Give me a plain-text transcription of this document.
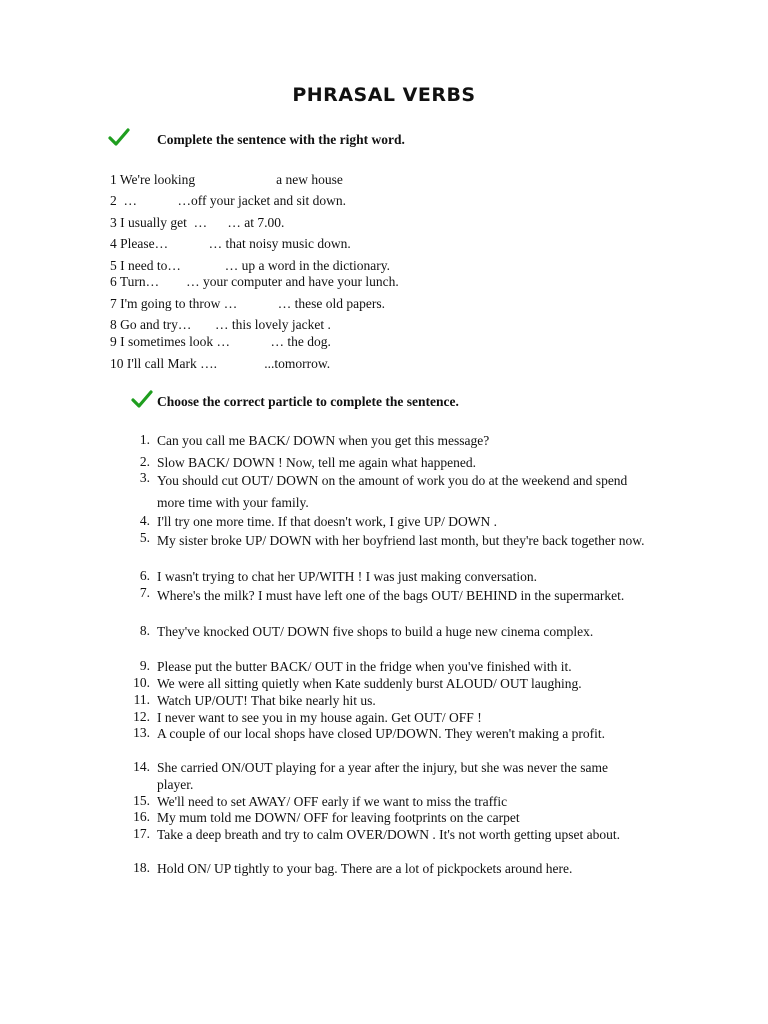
PHRASAL VERBS
Complete the sentence with the right word.
1 We're looking                        a new house
2  …            …off your jacket and sit down.
3 I usually get  …      … at 7.00.
4 Please…            … that noisy music down.
5 I need to…             … up a word in the dictionary.
6 Turn…        … your computer and have your lunch.
7 I'm going to throw …            … these old papers.
8 Go and try…       … this lovely jacket .
9 I sometimes look …            … the dog.
10 I'll call Mark ….              ...tomorrow.
Choose the correct particle to complete the sentence.
1. Can you call me BACK/ DOWN when you get this message?
2. Slow BACK/ DOWN ! Now, tell me again what happened.
3. You should cut OUT/ DOWN on the amount of work you do at the weekend and spend more time with your family.
4. I'll try one more time. If that doesn't work, I give UP/ DOWN .
5. My sister broke UP/ DOWN with her boyfriend last month, but they're back together now.
6. I wasn't trying to chat her UP/WITH ! I was just making conversation.
7. Where's the milk? I must have left one of the bags OUT/ BEHIND in the supermarket.
8. They've knocked OUT/ DOWN five shops to build a huge new cinema complex.
9. Please put the butter BACK/ OUT in the fridge when you've finished with it.
10. We were all sitting quietly when Kate suddenly burst ALOUD/ OUT laughing.
11. Watch UP/OUT! That bike nearly hit us.
12. I never want to see you in my house again. Get OUT/ OFF !
13. A couple of our local shops have closed UP/DOWN. They weren't making a profit.
14. She carried ON/OUT playing for a year after the injury, but she was never the same player.
15. We'll need to set AWAY/ OFF early if we want to miss the traffic
16. My mum told me DOWN/ OFF for leaving footprints on the carpet
17. Take a deep breath and try to calm OVER/DOWN . It's not worth getting upset about.
18. Hold ON/ UP tightly to your bag. There are a lot of pickpockets around here.
